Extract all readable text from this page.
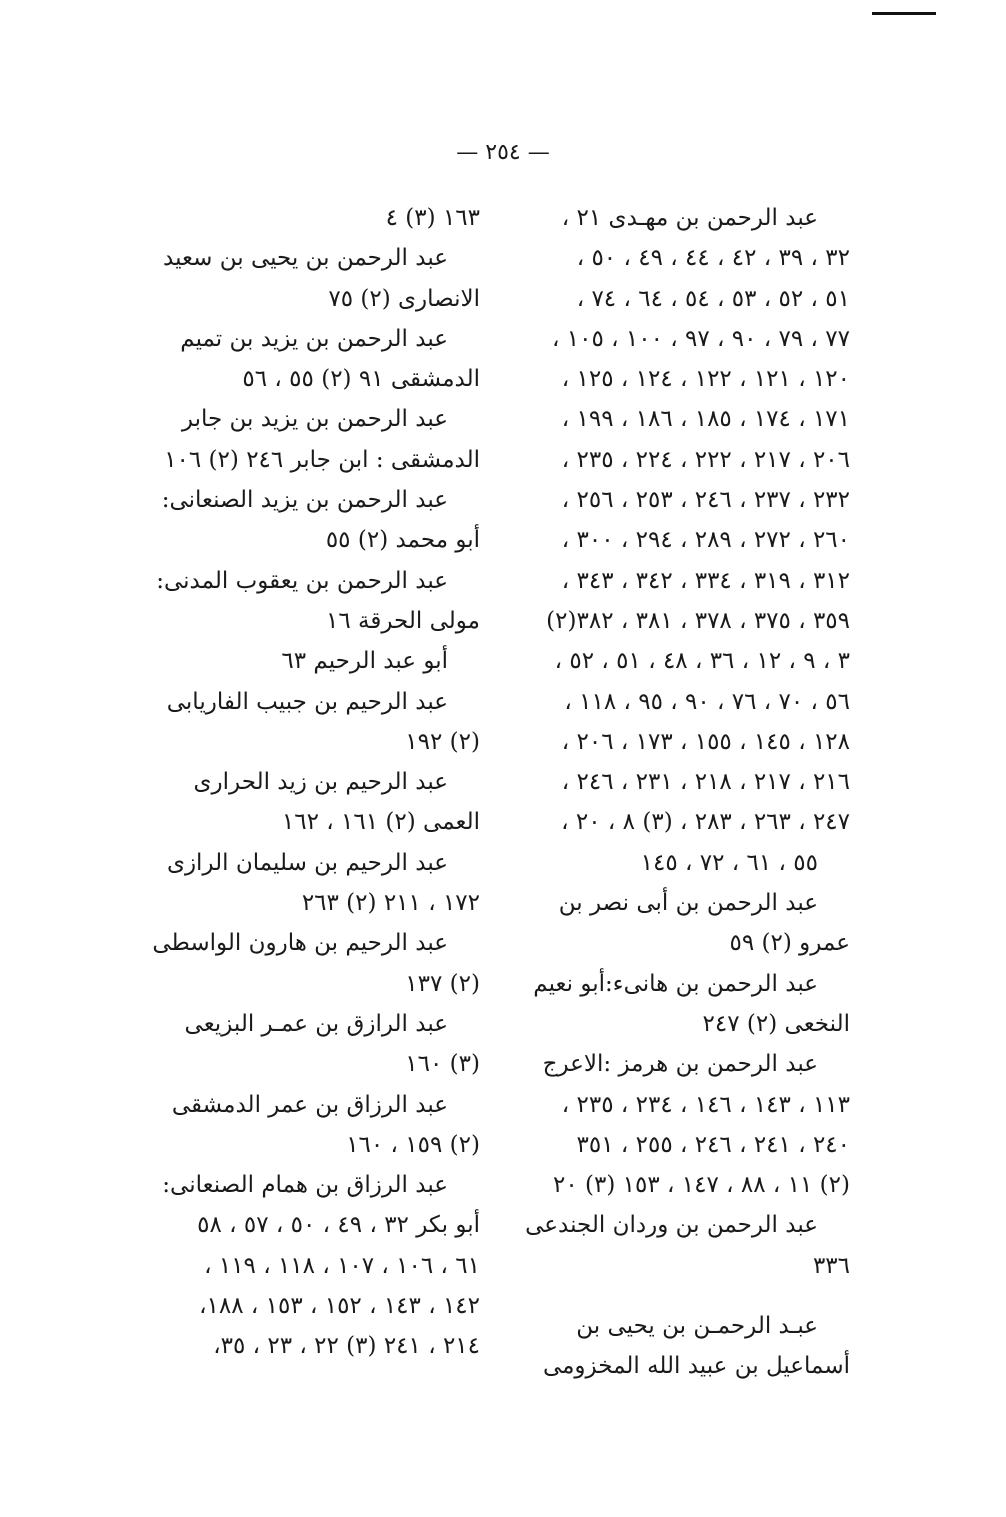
— ٢٥٤ —
عبد الرحمن بن مهـدى ٢١ ،
٣٢ ، ٣٩ ، ٤٢ ، ٤٤ ، ٤٩ ، ٥٠ ،
٥١ ، ٥٢ ، ٥٣ ، ٥٤ ، ٦٤ ، ٧٤ ،
٧٧ ، ٧٩ ، ٩٠ ، ٩٧ ، ١٠٠ ، ١٠٥ ،
١٢٠ ، ١٢١ ، ١٢٢ ، ١٢٤ ، ١٢٥ ،
١٧١ ، ١٧٤ ، ١٨٥ ، ١٨٦ ، ١٩٩ ،
٢٠٦ ، ٢١٧ ، ٢٢٢ ، ٢٢٤ ، ٢٣٥ ،
٢٣٢ ، ٢٣٧ ، ٢٤٦ ، ٢٥٣ ، ٢٥٦ ،
٢٦٠ ، ٢٧٢ ، ٢٨٩ ، ٢٩٤ ، ٣٠٠ ،
٣١٢ ، ٣١٩ ، ٣٣٤ ، ٣٤٢ ، ٣٤٣ ،
٣٥٩ ، ٣٧٥ ، ٣٧٨ ، ٣٨١ ، ٣٨٢(٢)
٣ ، ٩ ، ١٢ ، ٣٦ ، ٤٨ ، ٥١ ، ٥٢ ،
٥٦ ، ٧٠ ، ٧٦ ، ٩٠ ، ٩٥ ، ١١٨ ،
١٢٨ ، ١٤٥ ، ١٥٥ ، ١٧٣ ، ٢٠٦ ،
٢١٦ ، ٢١٧ ، ٢١٨ ، ٢٣١ ، ٢٤٦ ،
٢٤٧ ، ٢٦٣ ، ٢٨٣ ، (٣) ٨ ، ٢٠ ،
٥٥ ، ٦١ ، ٧٢ ، ١٤٥
عبد الرحمن بن أبى نصر بن
عمرو (٢) ٥٩
عبد الرحمن بن هانىء:أبو نعيم
النخعى (٢) ٢٤٧
عبد الرحمن بن هرمز :الاعرج
١١٣ ، ١٤٣ ، ١٤٦ ، ٢٣٤ ، ٢٣٥ ،
٢٤٠ ، ٢٤١ ، ٢٤٦ ، ٢٥٥ ، ٣٥١
(٢) ١١ ، ٨٨ ، ١٤٧ ، ١٥٣ (٣) ٢٠
عبد الرحمن بن وردان الجندعى
٣٣٦
عبـد الرحمـن بن يحيى بن
أسماعيل بن عبيد الله المخزومى
١٦٣ (٣) ٤
عبد الرحمن بن يحيى بن سعيد
الانصارى (٢) ٧٥
عبد الرحمن بن يزيد بن تميم
الدمشقى ٩١ (٢) ٥٥ ، ٥٦
عبد الرحمن بن يزيد بن جابر
الدمشقى : ابن جابر ٢٤٦ (٢) ١٠٦
عبد الرحمن بن يزيد الصنعانى:
أبو محمد (٢) ٥٥
عبد الرحمن بن يعقوب المدنى:
مولى الحرقة ١٦
أبو عبد الرحيم ٦٣
عبد الرحيم بن جبيب الفاريابى
(٢) ١٩٢
عبد الرحيم بن زيد الحرارى
العمى (٢) ١٦١ ، ١٦٢
عبد الرحيم بن سليمان الرازى
١٧٢ ، ٢١١ (٢) ٢٦٣
عبد الرحيم بن هارون الواسطى
(٢) ١٣٧
عبد الرازق بن عمـر البزيعى
(٣) ١٦٠
عبد الرزاق بن عمر الدمشقى
(٢) ١٥٩ ، ١٦٠
عبد الرزاق بن همام الصنعانى:
أبو بكر ٣٢ ، ٤٩ ، ٥٠ ، ٥٧ ، ٥٨
٦١ ، ١٠٦ ، ١٠٧ ، ١١٨ ، ١١٩ ،
١٤٢ ، ١٤٣ ، ١٥٢ ، ١٥٣ ، ١٨٨،
٢١٤ ، ٢٤١ (٣) ٢٢ ، ٢٣ ، ٣٥،
